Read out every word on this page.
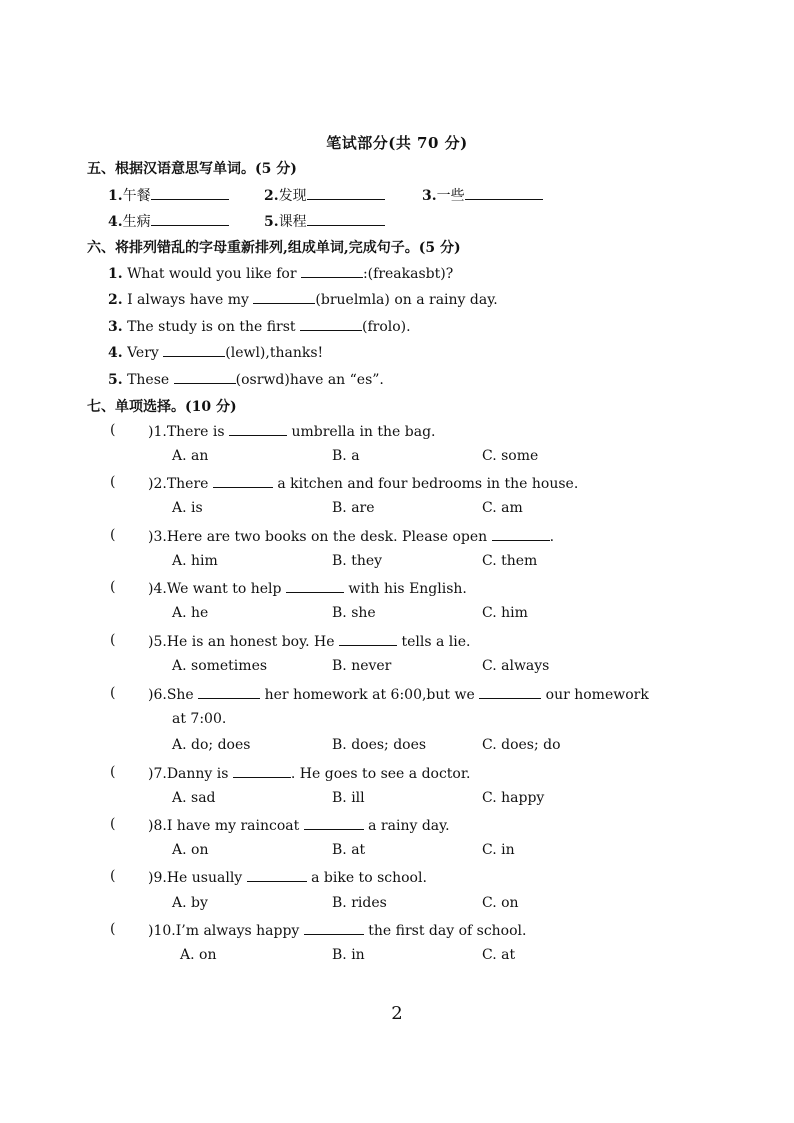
笔试部分(共 70 分)
五、根据汉语意思写单词。(5 分)
1.午餐	2.发现	3.一些
4.生病	5.课程
六、将排列错乱的字母重新排列,组成单词,完成句子。(5 分)
1. What would you like for	:(freakasbt)?
2. I always have my	(bruelmla) on a rainy day.
3. The study is on the first	(frolo).
4. Very	(lewl),thanks!
5. These	(osrwd)have an “es”.
七、单项选择。(10 分)
( )1.There is	umbrella in the bag.
A. an	B. a	C. some
( )2.There	a kitchen and four bedrooms in the house.
A. is	B. are	C. am
( )3.Here are two books on the desk. Please open	.
A. him	B. they	C. them
( )4.We want to help	with his English.
A. he	B. she	C. him
( )5.He is an honest boy. He	tells a lie.
A. sometimes	B. never	C. always
( )6.She	her homework at 6:00,but we	our homework
at 7:00.
A. do; does	B. does; does	C. does; do
( )7.Danny is	. He goes to see a doctor.
A. sad	B. ill	C. happy
( )8.I have my raincoat	a rainy day.
A. on	B. at	C. in
( )9.He usually	a bike to school.
A. by	B. rides	C. on
( )10.I’m always happy	the first day of school.
A. on	B. in	C. at
2
